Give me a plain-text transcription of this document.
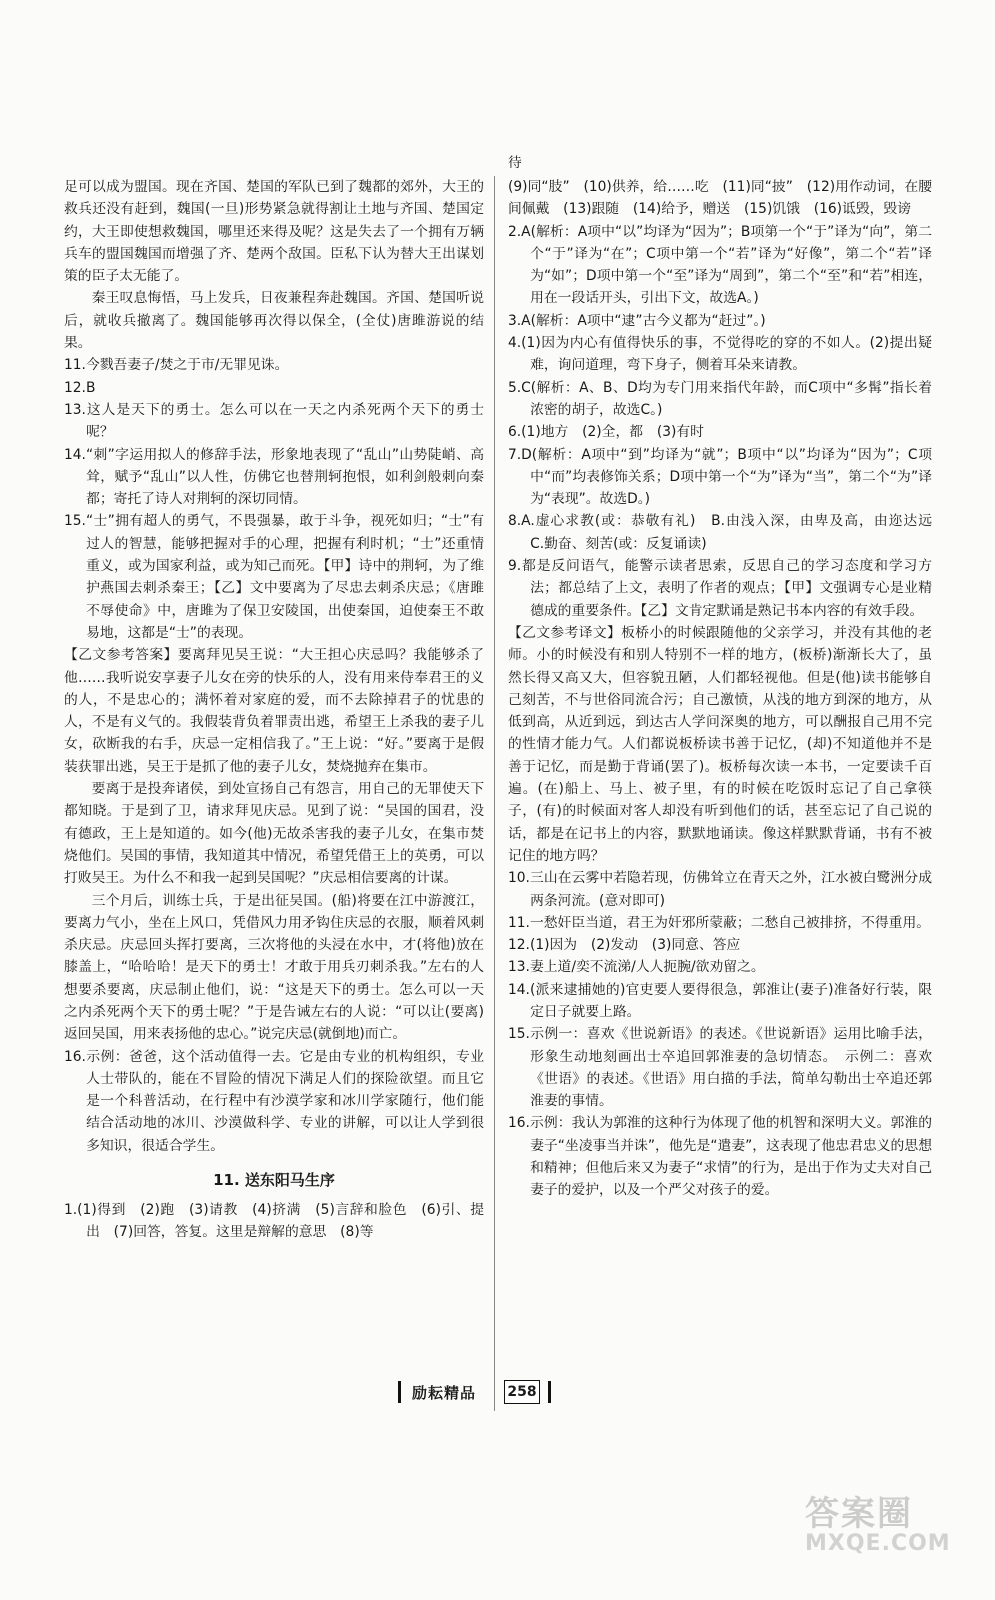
待

足可以成为盟国。现在齐国、楚国的军队已到了魏都的郊外，大王的救兵还没有赶到，魏国(一旦)形势紧急就得割让土地与齐国、楚国定约，大王即使想救魏国，哪里还来得及呢？这是失去了一个拥有万辆兵车的盟国魏国而增强了齐、楚两个敌国。臣私下认为替大王出谋划策的臣子太无能了。

秦王叹息悔悟，马上发兵，日夜兼程奔赴魏国。齐国、楚国听说后，就收兵撤离了。魏国能够再次得以保全，(全仗)唐雎游说的结果。

11.今戮吾妻子/焚之于市/无罪见诛。

12.B

13.这人是天下的勇士。怎么可以在一天之内杀死两个天下的勇士呢？

14.“刺”字运用拟人的修辞手法，形象地表现了“乱山”山势陡峭、高耸，赋予“乱山”以人性，仿佛它也替荆轲抱恨，如利剑般刺向秦都；寄托了诗人对荆轲的深切同情。

15.“士”拥有超人的勇气，不畏强暴，敢于斗争，视死如归；“士”有过人的智慧，能够把握对手的心理，把握有利时机；“士”还重情重义，或为国家利益，或为知己而死。【甲】诗中的荆轲，为了维护燕国去刺杀秦王；【乙】文中要离为了尽忠去刺杀庆忌；《唐雎不辱使命》中，唐雎为了保卫安陵国，出使秦国，迫使秦王不敢易地，这都是“士”的表现。

【乙文参考答案】要离拜见吴王说：“大王担心庆忌吗？我能够杀了他……我听说安享妻子儿女在旁的快乐的人，没有用来侍奉君王的义的人，不是忠心的；满怀着对家庭的爱，而不去除掉君子的忧患的人，不是有义气的。我假装背负着罪责出逃，希望王上杀我的妻子儿女，砍断我的右手，庆忌一定相信我了。”王上说：“好。”要离于是假装获罪出逃，吴王于是抓了他的妻子儿女，焚烧抛弃在集市。

要离于是投奔诸侯，到处宣扬自己有怨言，用自己的无罪使天下都知晓。于是到了卫，请求拜见庆忌。见到了说：“吴国的国君，没有德政，王上是知道的。如今(他)无故杀害我的妻子儿女，在集市焚烧他们。吴国的事情，我知道其中情况，希望凭借王上的英勇，可以打败吴王。为什么不和我一起到吴国呢？”庆忌相信要离的计谋。

三个月后，训练士兵，于是出征吴国。(船)将要在江中游渡江，要离力气小，坐在上风口，凭借风力用矛钩住庆忌的衣服，顺着风刺杀庆忌。庆忌回头挥打要离，三次将他的头浸在水中，才(将他)放在膝盖上，“哈哈哈！是天下的勇士！才敢于用兵刃刺杀我。”左右的人想要杀要离，庆忌制止他们，说：“这是天下的勇士。怎么可以一天之内杀死两个天下的勇士呢？”于是告诫左右的人说：“可以让(要离)返回吴国，用来表扬他的忠心。”说完庆忌(就倒地)而亡。

16.示例：爸爸，这个活动值得一去。它是由专业的机构组织，专业人士带队的，能在不冒险的情况下满足人们的探险欲望。而且它是一个科普活动，在行程中有沙漠学家和冰川学家随行，他们能结合活动地的冰川、沙漠做科学、专业的讲解，可以让人学到很多知识，很适合学生。

11. 送东阳马生序

1.(1)得到　(2)跑　(3)请教　(4)挤满　(5)言辞和脸色　(6)引、提出　(7)回答，答复。这里是辩解的意思　(8)等

(9)同“肢”　(10)供养，给……吃　(11)同“披”　(12)用作动词，在腰间佩戴　(13)跟随　(14)给予，赠送　(15)饥饿　(16)诋毁，毁谤

2.A(解析：A项中“以”均译为“因为”；B项第一个“于”译为“向”，第二个“于”译为“在”；C项中第一个“若”译为“好像”，第二个“若”译为“如”；D项中第一个“至”译为“周到”，第二个“至”和“若”相连，用在一段话开头，引出下文，故选A。)

3.A(解析：A项中“逮”古今义都为“赶过”。)

4.(1)因为内心有值得快乐的事，不觉得吃的穿的不如人。(2)提出疑难，询问道理，弯下身子，侧着耳朵来请教。

5.C(解析：A、B、D均为专门用来指代年龄，而C项中“多髯”指长着浓密的胡子，故选C。)

6.(1)地方　(2)全，都　(3)有时

7.D(解析：A项中“到”均译为“就”；B项中“以”均译为“因为”；C项中“而”均表修饰关系；D项中第一个“为”译为“当”，第二个“为”译为“表现”。故选D。)

8.A.虚心求教(或：恭敬有礼)　B.由浅入深，由卑及高，由迩达远　C.勤奋、刻苦(或：反复诵读)

9.都是反问语气，能警示读者思索，反思自己的学习态度和学习方法；都总结了上文，表明了作者的观点；【甲】文强调专心是业精德成的重要条件。【乙】文肯定默诵是熟记书本内容的有效手段。

【乙文参考译文】板桥小的时候跟随他的父亲学习，并没有其他的老师。小的时候没有和别人特别不一样的地方，(板桥)渐渐长大了，虽然长得又高又大，但容貌丑陋，人们都轻视他。但是(他)读书能够自己刻苦，不与世俗同流合污；自己激愤，从浅的地方到深的地方，从低到高，从近到远，到达古人学问深奥的地方，可以酬报自己用不完的性情才能力气。人们都说板桥读书善于记忆，(却)不知道他并不是善于记忆，而是勤于背诵(罢了)。板桥每次读一本书，一定要读千百遍。(在)船上、马上、被子里，有的时候在吃饭时忘记了自己拿筷子，(有)的时候面对客人却没有听到他们的话，甚至忘记了自己说的话，都是在记书上的内容，默默地诵读。像这样默默背诵，书有不被记住的地方吗？

10.三山在云雾中若隐若现，仿佛耸立在青天之外，江水被白鹭洲分成两条河流。(意对即可)

11.一愁奸臣当道，君王为奸邪所蒙蔽；二愁自己被排挤，不得重用。

12.(1)因为　(2)发动　(3)同意、答应

13.妻上道/奕不流涕/人人扼腕/欲劝留之。

14.(派来逮捕她的)官吏要人要得很急，郭淮让(妻子)准备好行装，限定日子就要上路。

15.示例一：喜欢《世说新语》的表述。《世说新语》运用比喻手法，形象生动地刻画出士卒追回郭淮妻的急切情态。　示例二：喜欢《世语》的表述。《世语》用白描的手法，简单勾勒出士卒追还郭淮妻的事情。

16.示例：我认为郭淮的这种行为体现了他的机智和深明大义。郭淮的妻子“坐凌事当并诛”，他先是“遣妻”，这表现了他忠君忠义的思想和精神；但他后来又为妻子“求情”的行为，是出于作为丈夫对自己妻子的爱护，以及一个严父对孩子的爱。

励耘精品 258
答案圈
MXQE.COM
